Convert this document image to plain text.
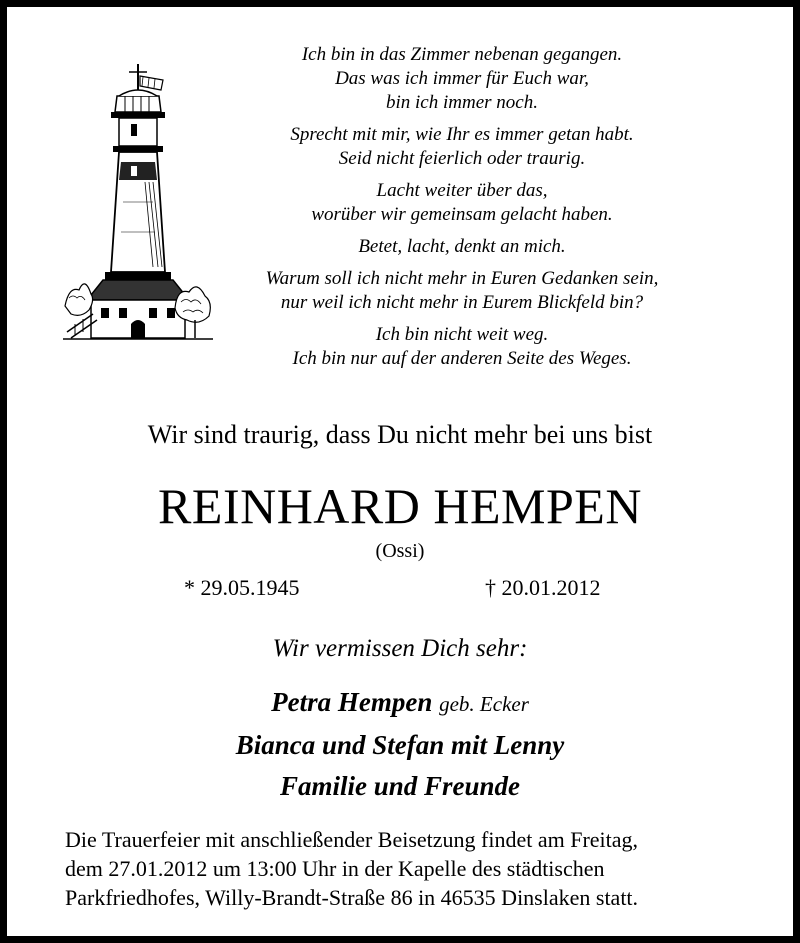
Ich bin in das Zimmer nebenan gegangen.
Das was ich immer für Euch war,
bin ich immer noch.
Sprecht mit mir, wie Ihr es immer getan habt.
Seid nicht feierlich oder traurig.
Lacht weiter über das,
worüber wir gemeinsam gelacht haben.
Betet, lacht, denkt an mich.
Warum soll ich nicht mehr in Euren Gedanken sein,
nur weil ich nicht mehr in Eurem Blickfeld bin?
Ich bin nicht weit weg.
Ich bin nur auf der anderen Seite des Weges.
Wir sind traurig, dass Du nicht mehr bei uns bist
REINHARD HEMPEN
(Ossi)
* 29.05.1945	† 20.01.2012
Wir vermissen Dich sehr:
Petra Hempen geb. Ecker
Bianca und Stefan mit Lenny
Familie und Freunde
Die Trauerfeier mit anschließender Beisetzung findet am Freitag,
dem 27.01.2012 um 13:00 Uhr in der Kapelle des städtischen
Parkfriedhofes, Willy-Brandt-Straße 86 in 46535 Dinslaken statt.
